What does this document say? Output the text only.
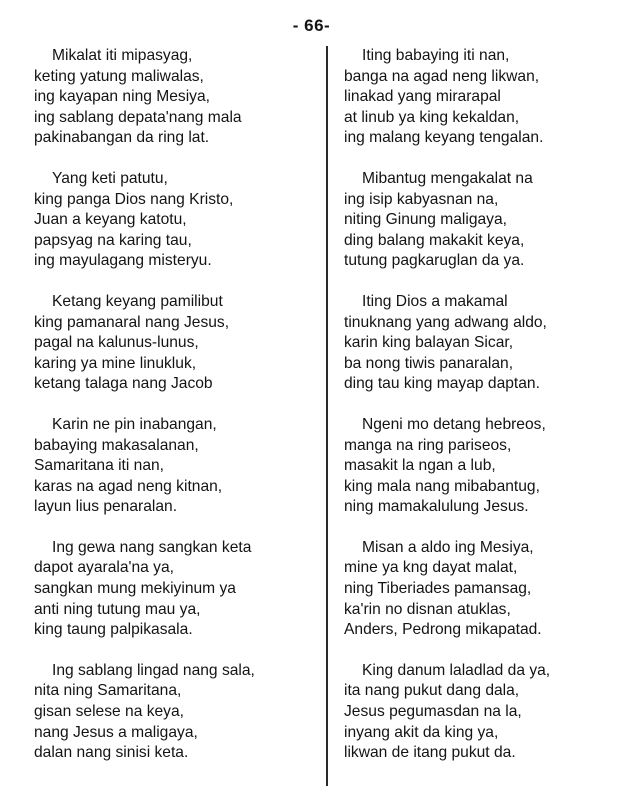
- 66-
Mikalat iti mipasyag,
keting yatung maliwalas,
ing kayapan ning Mesiya,
ing sablang depata'nang mala
pakinabangan da ring lat.
Yang keti patutu,
king panga Dios nang Kristo,
Juan a keyang katotu,
papsyag na karing tau,
ing mayulagang misteryu.
Ketang keyang pamilibut
king pamanaral nang Jesus,
pagal na kalunus-lunus,
karing ya mine linukluk,
ketang talaga nang Jacob
Karin ne pin inabangan,
babaying makasalanan,
Samaritana iti nan,
karas na agad neng kitnan,
layun lius penaralan.
Ing gewa nang sangkan keta
dapot ayarala'na ya,
sangkan mung mekiyinum ya
anti ning tutung mau ya,
king taung palpikasala.
Ing sablang lingad nang sala,
nita ning Samaritana,
gisan selese na keya,
nang Jesus a maligaya,
dalan nang sinisi keta.
Iting babaying iti nan,
banga na agad neng likwan,
linakad yang mirarapal
at linub ya king kekaldan,
ing malang keyang tengalan.
Mibantug mengakalat na
ing isip kabyasnan na,
niting Ginung maligaya,
ding balang makakit keya,
tutung pagkaruglan da ya.
Iting Dios a makamal
tinuknang yang adwang aldo,
karin king balayan Sicar,
ba nong tiwis panaralan,
ding tau king mayap daptan.
Ngeni mo detang hebreos,
manga na ring pariseos,
masakit la ngan a lub,
king mala nang mibabantug,
ning mamakalulung Jesus.
Misan a aldo ing Mesiya,
mine ya kng dayat malat,
ning Tiberiades pamansag,
ka'rin no disnan atuklas,
Anders, Pedrong mikapatad.
King danum laladlad da ya,
ita nang pukut dang dala,
Jesus pegumasdan na la,
inyang akit da king ya,
likwan de itang pukut da.
